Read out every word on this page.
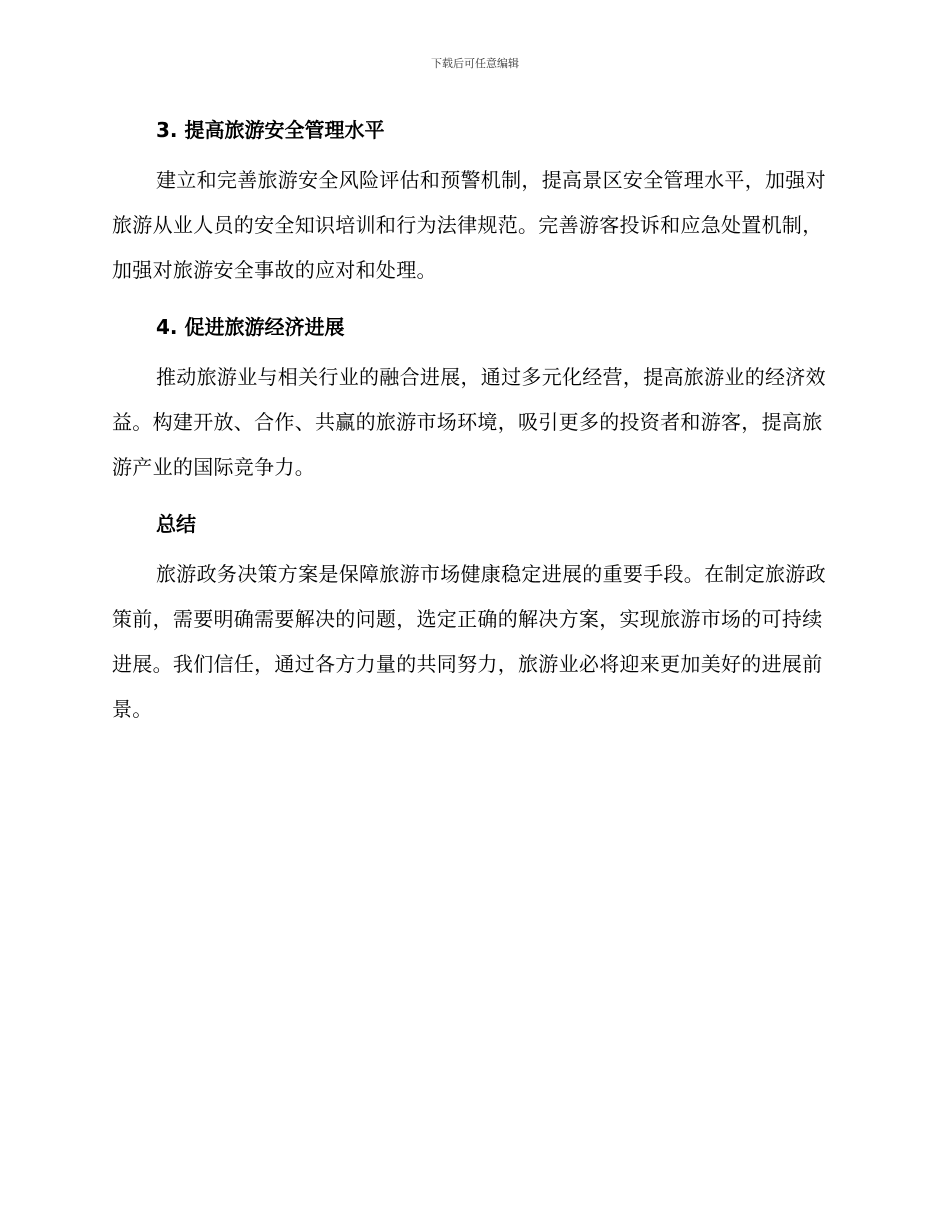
下载后可任意编辑
3. 提高旅游安全管理水平

建立和完善旅游安全风险评估和预警机制，提高景区安全管理水平，加强对旅游从业人员的安全知识培训和行为法律规范。完善游客投诉和应急处置机制，加强对旅游安全事故的应对和处理。

4. 促进旅游经济进展

推动旅游业与相关行业的融合进展，通过多元化经营，提高旅游业的经济效益。构建开放、合作、共赢的旅游市场环境，吸引更多的投资者和游客，提高旅游产业的国际竞争力。

总结

旅游政务决策方案是保障旅游市场健康稳定进展的重要手段。在制定旅游政策前，需要明确需要解决的问题，选定正确的解决方案，实现旅游市场的可持续进展。我们信任，通过各方力量的共同努力，旅游业必将迎来更加美好的进展前景。
